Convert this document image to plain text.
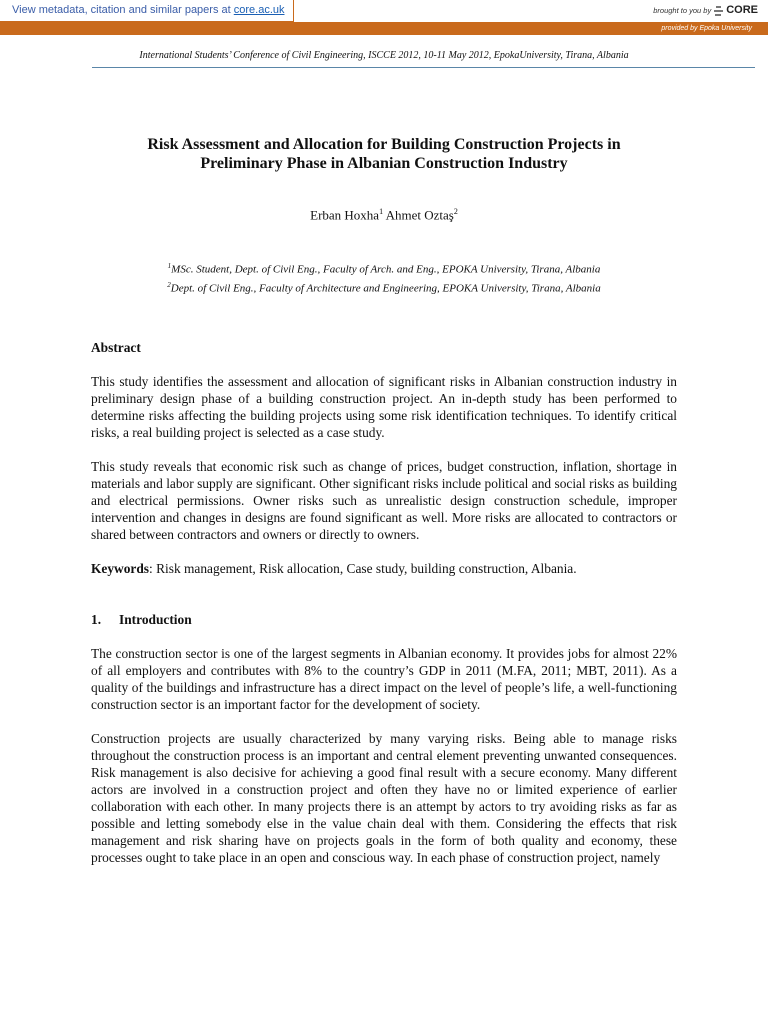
View metadata, citation and similar papers at core.ac.uk	brought to you by CORE
provided by Epoka University
International Students’ Conference of Civil Engineering, ISCCE 2012, 10-11 May 2012, EpokaUniversity, Tirana, Albania
Risk Assessment and Allocation for Building Construction Projects in
Preliminary Phase in Albanian Construction Industry
Erban Hoxha$^1$ Ahmet Oztaş$^2$
$^1$MSc. Student, Dept. of Civil Eng., Faculty of Arch. and Eng., EPOKA University, Tirana, Albania
$^2$Dept. of Civil Eng., Faculty of Architecture and Engineering, EPOKA University, Tirana, Albania
Abstract

This study identifies the assessment and allocation of significant risks in Albanian construction industry in preliminary design phase of a building construction project. An in-depth study has been performed to determine risks affecting the building projects using some risk identification techniques. To identify critical risks, a real building project is selected as a case study.

This study reveals that economic risk such as change of prices, budget construction, inflation, shortage in materials and labor supply are significant. Other significant risks include political and social risks as building and electrical permissions. Owner risks such as unrealistic design construction schedule, improper intervention and changes in designs are found significant as well. More risks are allocated to contractors or shared between contractors and owners or directly to owners.

Keywords: Risk management, Risk allocation, Case study, building construction, Albania.

1.	Introduction

The construction sector is one of the largest segments in Albanian economy. It provides jobs for almost 22% of all employers and contributes with 8% to the country’s GDP in 2011 (M.FA, 2011; MBT, 2011). As a quality of the buildings and infrastructure has a direct impact on the level of people’s life, a well-functioning construction sector is an important factor for the development of society.

Construction projects are usually characterized by many varying risks. Being able to manage risks throughout the construction process is an important and central element preventing unwanted consequences. Risk management is also decisive for achieving a good final result with a secure economy. Many different actors are involved in a construction project and often they have no or limited experience of earlier collaboration with each other. In many projects there is an attempt by actors to try avoiding risks as far as possible and letting somebody else in the value chain deal with them. Considering the effects that risk management and risk sharing have on projects goals in the form of both quality and economy, these processes ought to take place in an open and conscious way. In each phase of construction project, namely
